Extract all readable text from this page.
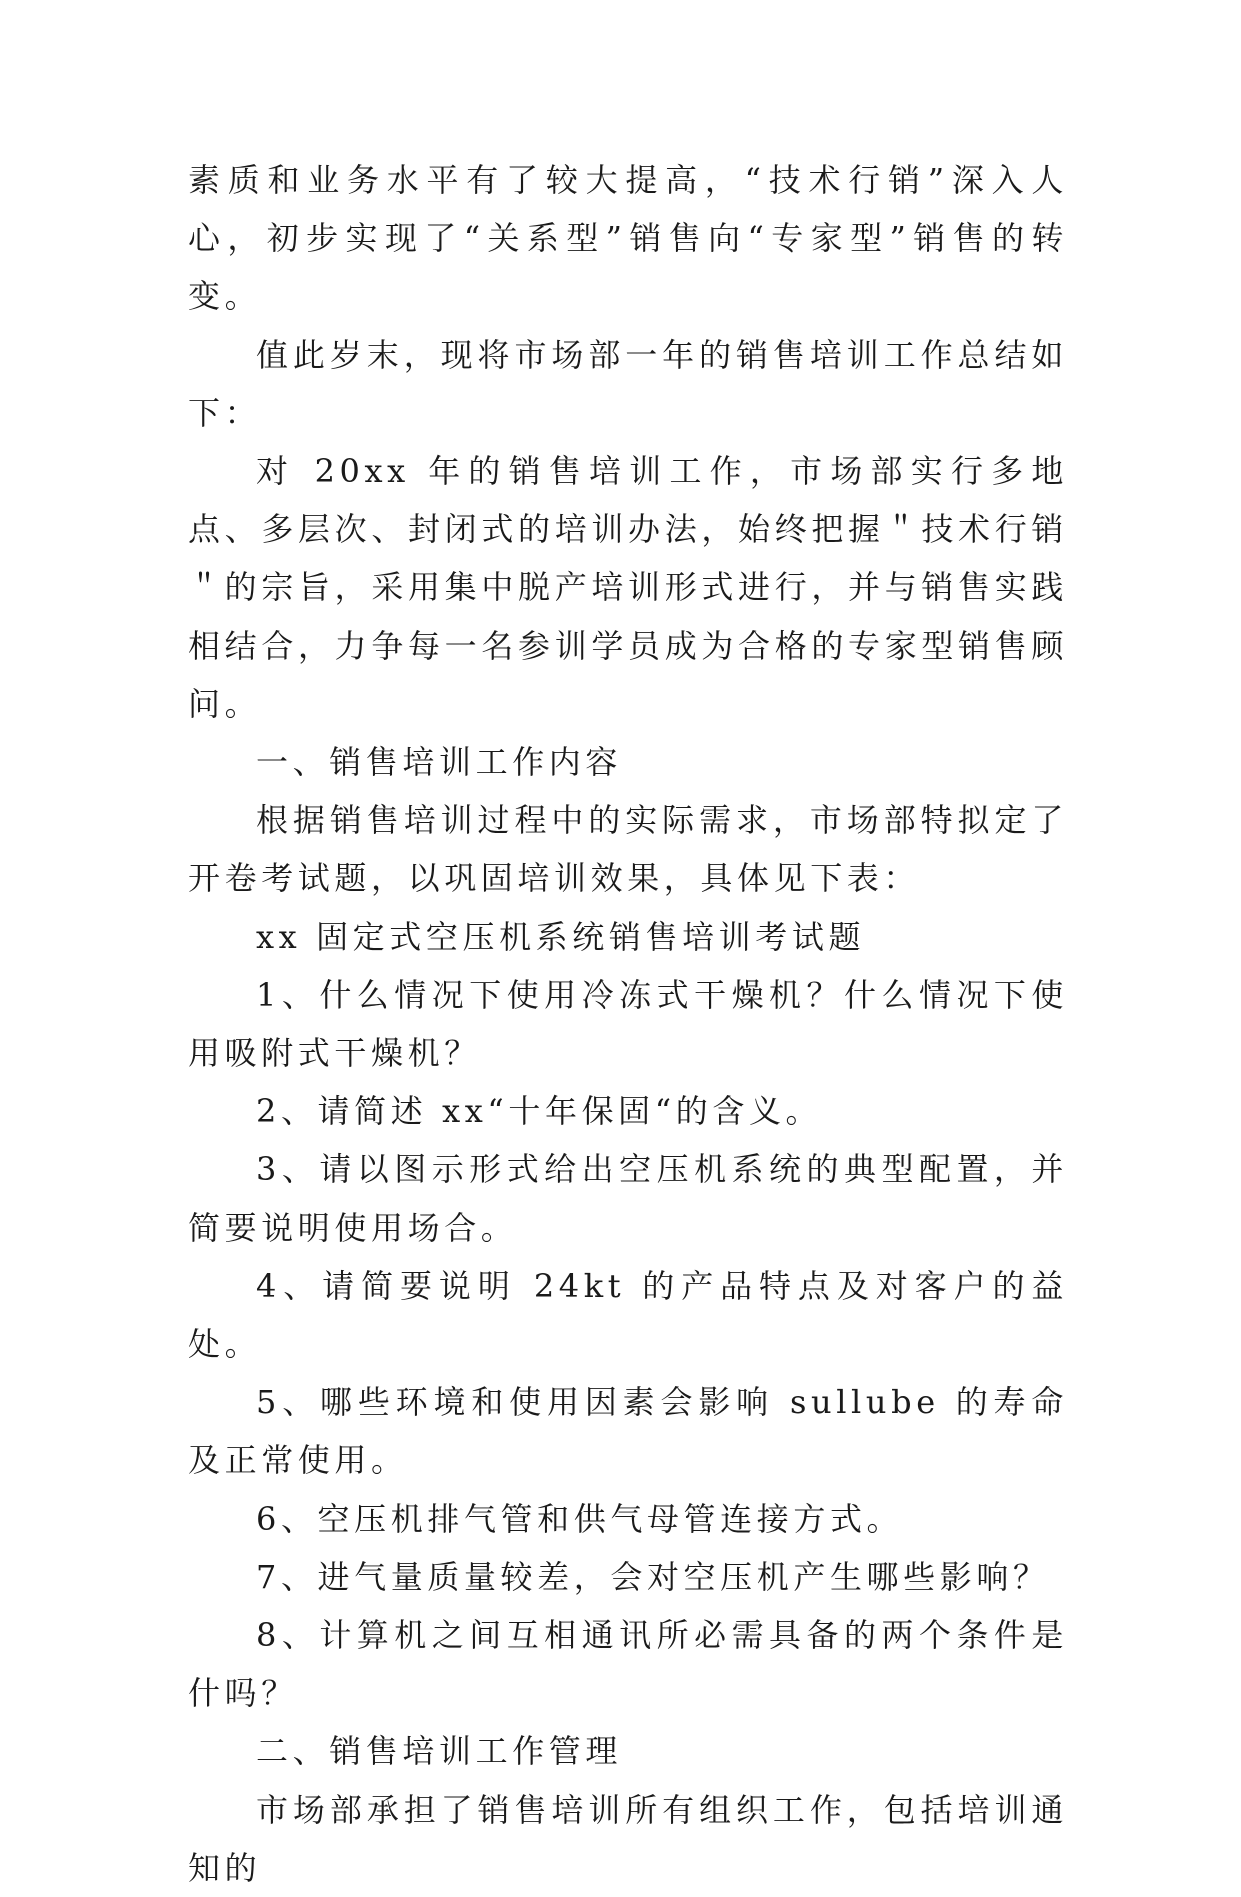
素质和业务水平有了较大提高，“技术行销”深入人心，初步实现了“关系型”销售向“专家型”销售的转变。

值此岁末，现将市场部一年的销售培训工作总结如下：

对 20xx 年的销售培训工作，市场部实行多地点、多层次、封闭式的培训办法，始终把握＂技术行销＂的宗旨，采用集中脱产培训形式进行，并与销售实践相结合，力争每一名参训学员成为合格的专家型销售顾问。

一、销售培训工作内容

根据销售培训过程中的实际需求，市场部特拟定了开卷考试题，以巩固培训效果，具体见下表：

xx 固定式空压机系统销售培训考试题

1、什么情况下使用冷冻式干燥机？什么情况下使用吸附式干燥机？

2、请简述 xx“十年保固“的含义。

3、请以图示形式给出空压机系统的典型配置，并简要说明使用场合。

4、请简要说明 24kt 的产品特点及对客户的益处。

5、哪些环境和使用因素会影响 sullube 的寿命及正常使用。

6、空压机排气管和供气母管连接方式。

7、进气量质量较差，会对空压机产生哪些影响？

8、计算机之间互相通讯所必需具备的两个条件是什吗？

二、销售培训工作管理

市场部承担了销售培训所有组织工作，包括培训通知的
